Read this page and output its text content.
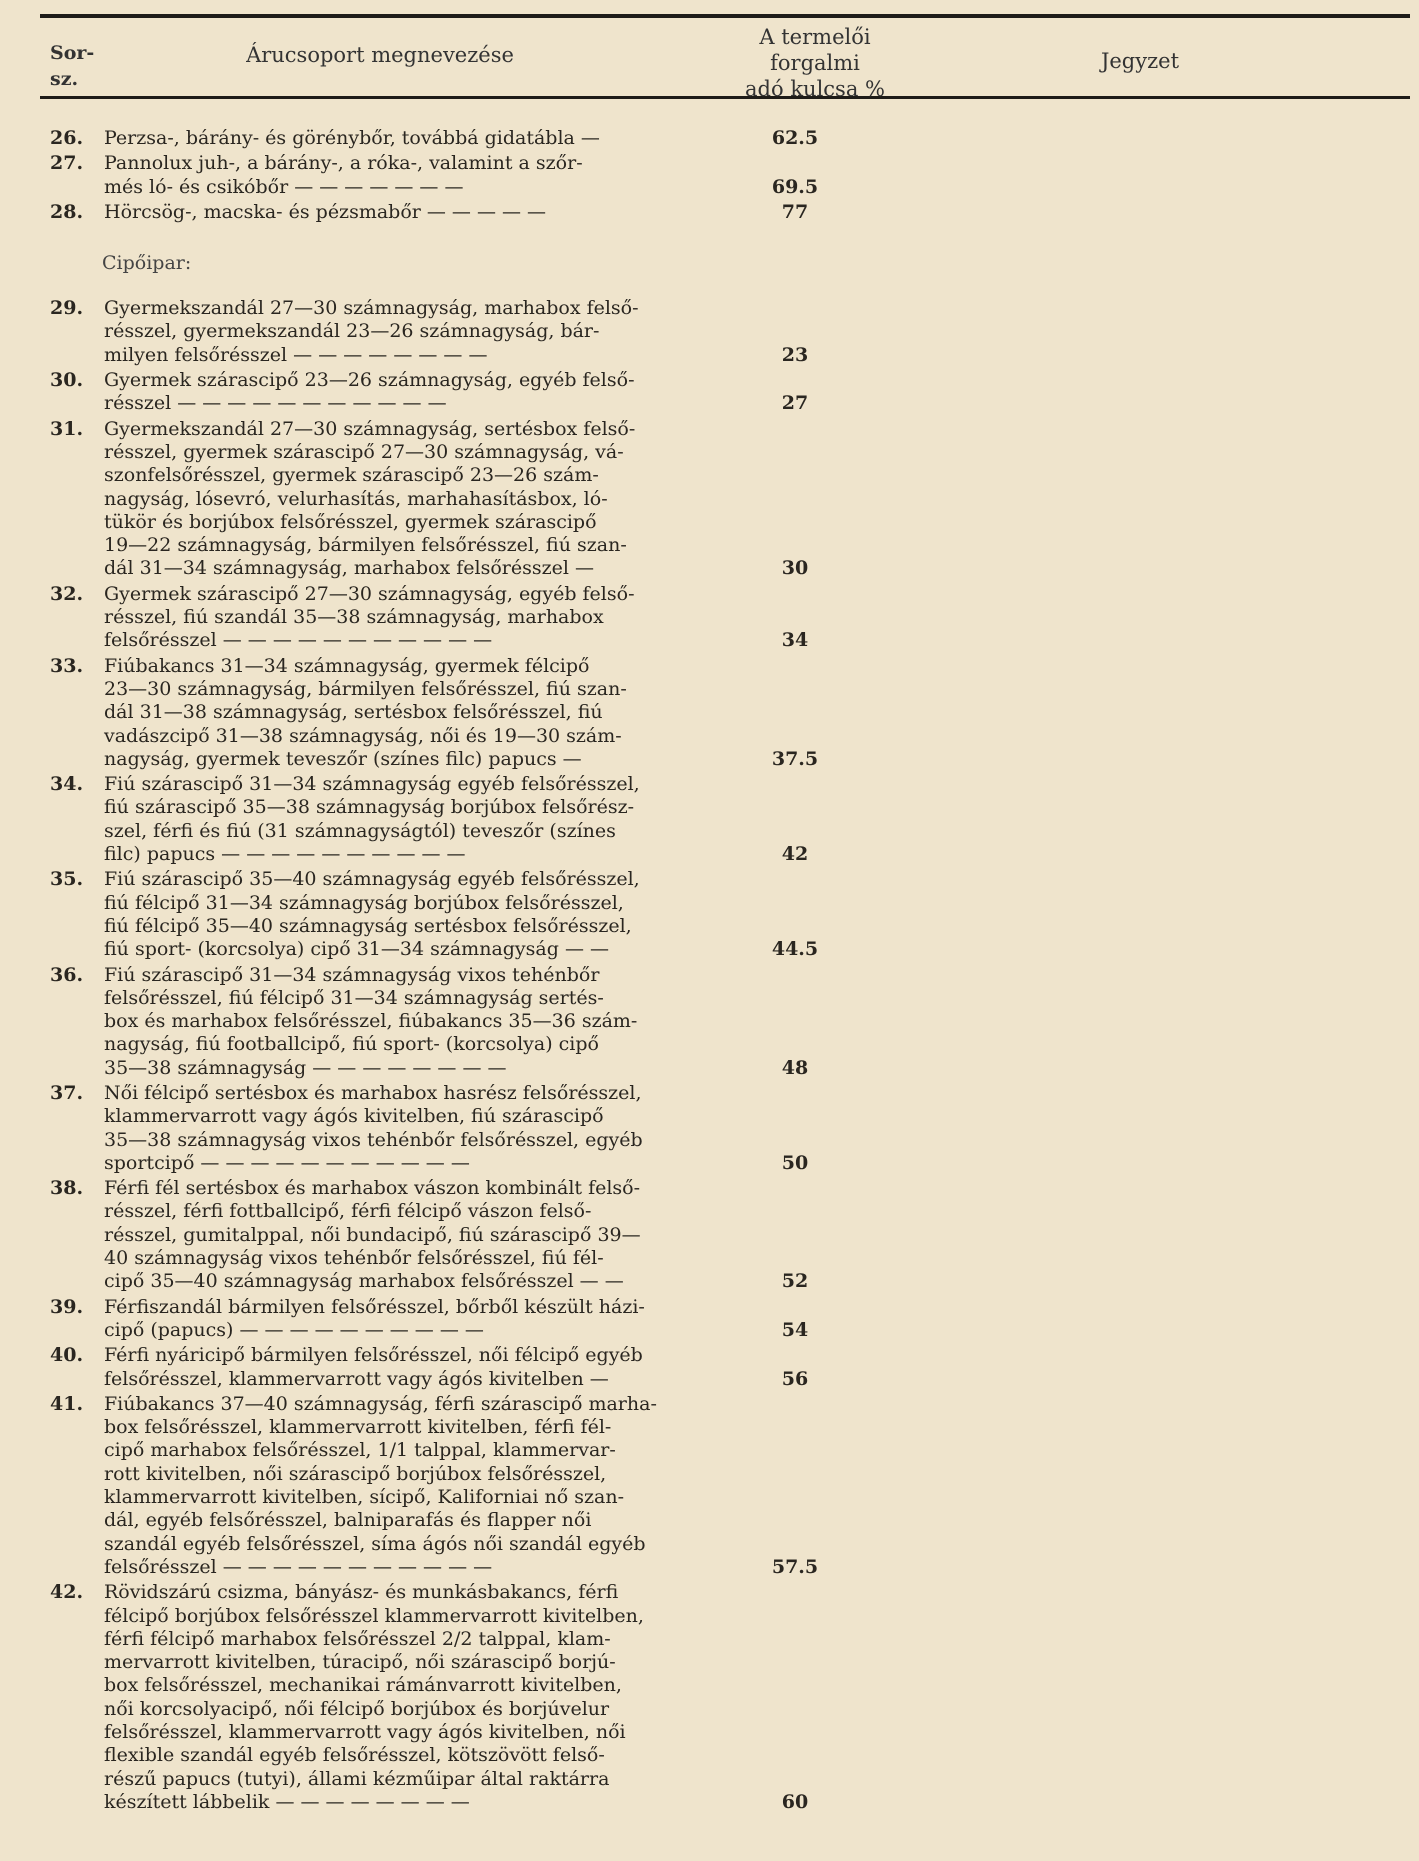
Sor-
sz.
Árucsoport megnevezése
A termelői
forgalmi
adó kulcsa %
Jegyzet
26.	Perzsa-, bárány- és görénybőr, továbbá gidatábla —	62.5
27.	Pannolux juh-, a bárány-, a róka-, valamint a szőr-
més ló- és csikóbőr — — — — — — —	69.5
28.	Hörcsög-, macska- és pézsmabőr — — — — —	77
Cipőipar:
29.	Gyermekszandál 27—30 számnagyság, marhabox felső-
résszel, gyermekszandál 23—26 számnagyság, bár-
milyen felsőrésszel — — — — — — — —	23
30.	Gyermek szárascipő 23—26 számnagyság, egyéb felső-
résszel — — — — — — — — — — —	27
31.	Gyermekszandál 27—30 számnagyság, sertésbox felső-
résszel, gyermek szárascipő 27—30 számnagyság, vá-
szonfelsőrésszel, gyermek szárascipő 23—26 szám-
nagyság, lósevró, velurhasítás, marhahasításbox, ló-
tükör és borjúbox felsőrésszel, gyermek szárascipő
19—22 számnagyság, bármilyen felsőrésszel, fiú szan-
dál 31—34 számnagyság, marhabox felsőrésszel —	30
32.	Gyermek szárascipő 27—30 számnagyság, egyéb felső-
résszel, fiú szandál 35—38 számnagyság, marhabox
felsőrésszel — — — — — — — — — — —	34
33.	Fiúbakancs 31—34 számnagyság, gyermek félcipő
23—30 számnagyság, bármilyen felsőrésszel, fiú szan-
dál 31—38 számnagyság, sertésbox felsőrésszel, fiú
vadászcipő 31—38 számnagyság, női és 19—30 szám-
nagyság, gyermek teveszőr (színes filc) papucs —	37.5
34.	Fiú szárascipő 31—34 számnagyság egyéb felsőrésszel,
fiú szárascipő 35—38 számnagyság borjúbox felsőrész-
szel, férfi és fiú (31 számnagyságtól) teveszőr (színes
filc) papucs — — — — — — — — — —	42
35.	Fiú szárascipő 35—40 számnagyság egyéb felsőrésszel,
fiú félcipő 31—34 számnagyság borjúbox felsőrésszel,
fiú félcipő 35—40 számnagyság sertésbox felsőrésszel,
fiú sport- (korcsolya) cipő 31—34 számnagyság — —	44.5
36.	Fiú szárascipő 31—34 számnagyság vixos tehénbőr
felsőrésszel, fiú félcipő 31—34 számnagyság sertés-
box és marhabox felsőrésszel, fiúbakancs 35—36 szám-
nagyság, fiú footballcipő, fiú sport- (korcsolya) cipő
35—38 számnagyság — — — — — — — —	48
37.	Női félcipő sertésbox és marhabox hasrész felsőrésszel,
klammervarrott vagy ágós kivitelben, fiú szárascipő
35—38 számnagyság vixos tehénbőr felsőrésszel, egyéb
sportcipő — — — — — — — — — — —	50
38.	Férfi fél sertésbox és marhabox vászon kombinált felső-
résszel, férfi fottballcipő, férfi félcipő vászon felső-
résszel, gumitalppal, női bundacipő, fiú szárascipő 39—
40 számnagyság vixos tehénbőr felsőrésszel, fiú fél-
cipő 35—40 számnagyság marhabox felsőrésszel — —	52
39.	Férfiszandál bármilyen felsőrésszel, bőrből készült házi-
cipő (papucs) — — — — — — — — — —	54
40.	Férfi nyáricipő bármilyen felsőrésszel, női félcipő egyéb
felsőrésszel, klammervarrott vagy ágós kivitelben —	56
41.	Fiúbakancs 37—40 számnagyság, férfi szárascipő marha-
box felsőrésszel, klammervarrott kivitelben, férfi fél-
cipő marhabox felsőrésszel, 1/1 talppal, klammervar-
rott kivitelben, női szárascipő borjúbox felsőrésszel,
klammervarrott kivitelben, sícipő, Kaliforniai nő szan-
dál, egyéb felsőrésszel, balniparafás és flapper női
szandál egyéb felsőrésszel, síma ágós női szandál egyéb
felsőrésszel — — — — — — — — — — —	57.5
42.	Rövidszárú csizma, bányász- és munkásbakancs, férfi
félcipő borjúbox felsőrésszel klammervarrott kivitelben,
férfi félcipő marhabox felsőrésszel 2/2 talppal, klam-
mervarrott kivitelben, túracipő, női szárascipő borjú-
box felsőrésszel, mechanikai rámánvarrott kivitelben,
női korcsolyacipő, női félcipő borjúbox és borjúvelur
felsőrésszel, klammervarrott vagy ágós kivitelben, női
flexible szandál egyéb felsőrésszel, kötszövött felső-
részű papucs (tutyi), állami kézműipar által raktárra
készített lábbelik — — — — — — — —	60
